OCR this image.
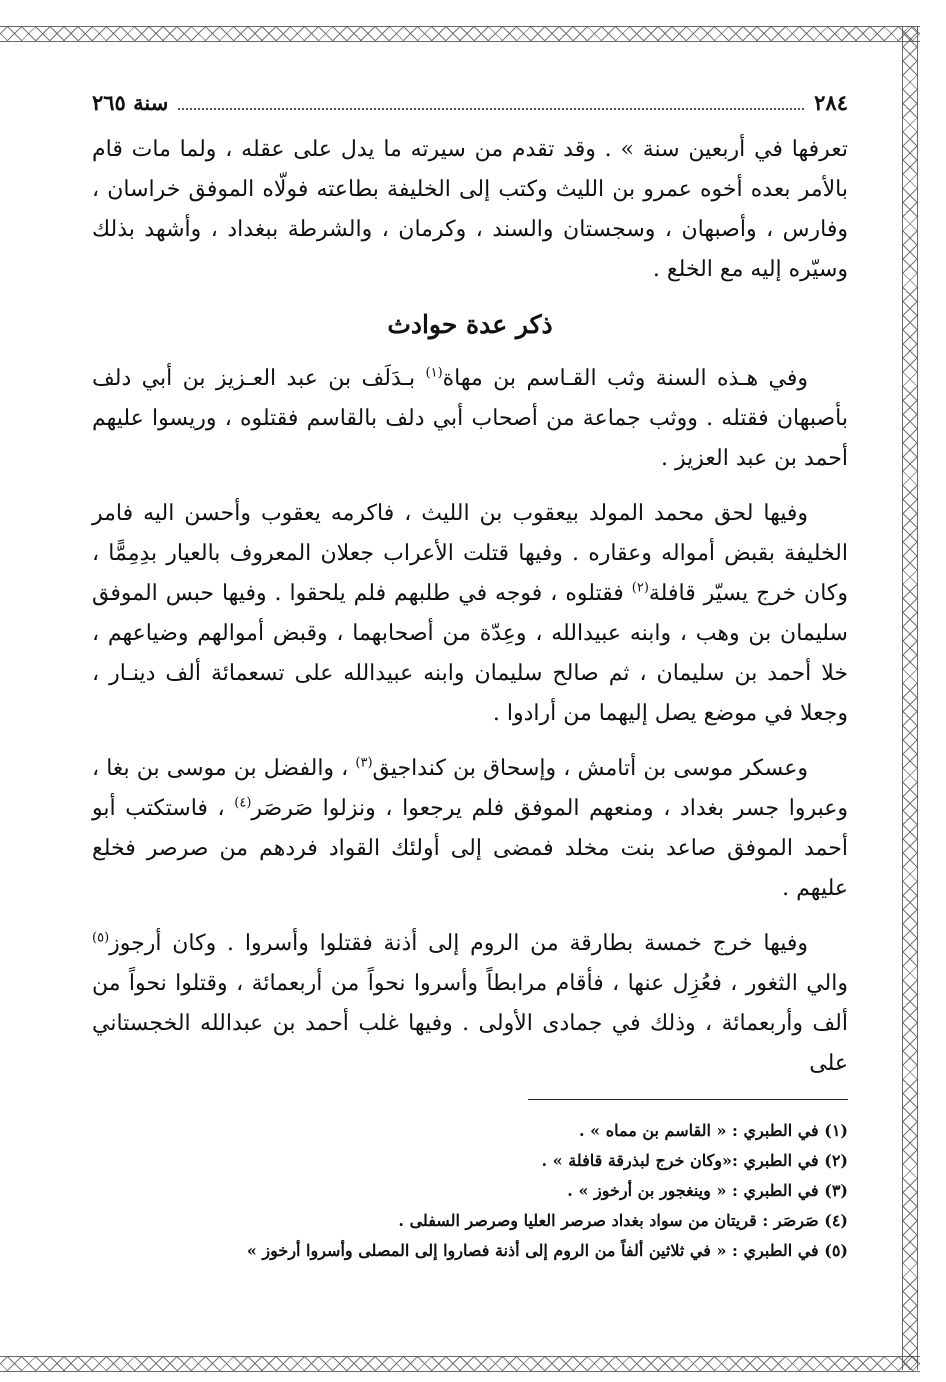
٢٨٤
سنة ٢٦٥

تعرفها في أربعين سنة » . وقد تقدم من سيرته ما يدل على عقله ، ولما مات قام بالأمر بعده أخوه عمرو بن الليث وكتب إلى الخليفة بطاعته فولّاه الموفق خراسان ، وفارس ، وأصبهان ، وسجستان والسند ، وكرمان ، والشرطة ببغداد ، وأشهد بذلك وسيّره إليه مع الخلع .

ذكر عدة حوادث

وفي هـذه السنة وثب القـاسم بن مهاة$^{(١)}$ بـدَلَف بن عبد العـزيز بن أبي دلف بأصبهان فقتله . ووثب جماعة من أصحاب أبي دلف بالقاسم فقتلوه ، وريسوا عليهم أحمد بن عبد العزيز .

وفيها لحق محمد المولد بيعقوب بن الليث ، فاكرمه يعقوب وأحسن اليه فامر الخليفة بقبض أمواله وعقاره . وفيها قتلت الأعراب جعلان المعروف بالعيار بدِمِمًّا ، وكان خرج يسيّر قافلة$^{(٢)}$ فقتلوه ، فوجه في طلبهم فلم يلحقوا . وفيها حبس الموفق سليمان بن وهب ، وابنه عبيدالله ، وعِدّة من أصحابهما ، وقبض أموالهم وضياعهم ، خلا أحمد بن سليمان ، ثم صالح سليمان وابنه عبيدالله على تسعمائة ألف دينـار ، وجعلا في موضع يصل إليهما من أرادوا .

وعسكر موسى بن أتامش ، وإسحاق بن كنداجيق$^{(٣)}$ ، والفضل بن موسى بن بغا ، وعبروا جسر بغداد ، ومنعهم الموفق فلم يرجعوا ، ونزلوا صَرصَر$^{(٤)}$ ، فاستكتب أبو أحمد الموفق صاعد بنت مخلد فمضى إلى أولئك القواد فردهم من صرصر فخلع عليهم .

وفيها خرج خمسة بطارقة من الروم إلى أذنة فقتلوا وأسروا . وكان أرجوز$^{(٥)}$ والي الثغور ، فعُزِل عنها ، فأقام مرابطاً وأسروا نحواً من أربعمائة ، وقتلوا نحواً من ألف وأربعمائة ، وذلك في جمادى الأولى . وفيها غلب أحمد بن عبدالله الخجستاني على

(١) في الطبري : « القاسم بن مماه » .
(٢) في الطبري :«وكان خرج لبذرقة قافلة » .
(٣) في الطبري : « وينغجور بن أرخوز » .
(٤) صَرصَر : قريتان من سواد بغداد صرصر العليا وصرصر السفلى .
(٥) في الطبري : « في ثلاثين ألفاً من الروم إلى أذنة فصاروا إلى المصلى وأسروا أرخوز »
